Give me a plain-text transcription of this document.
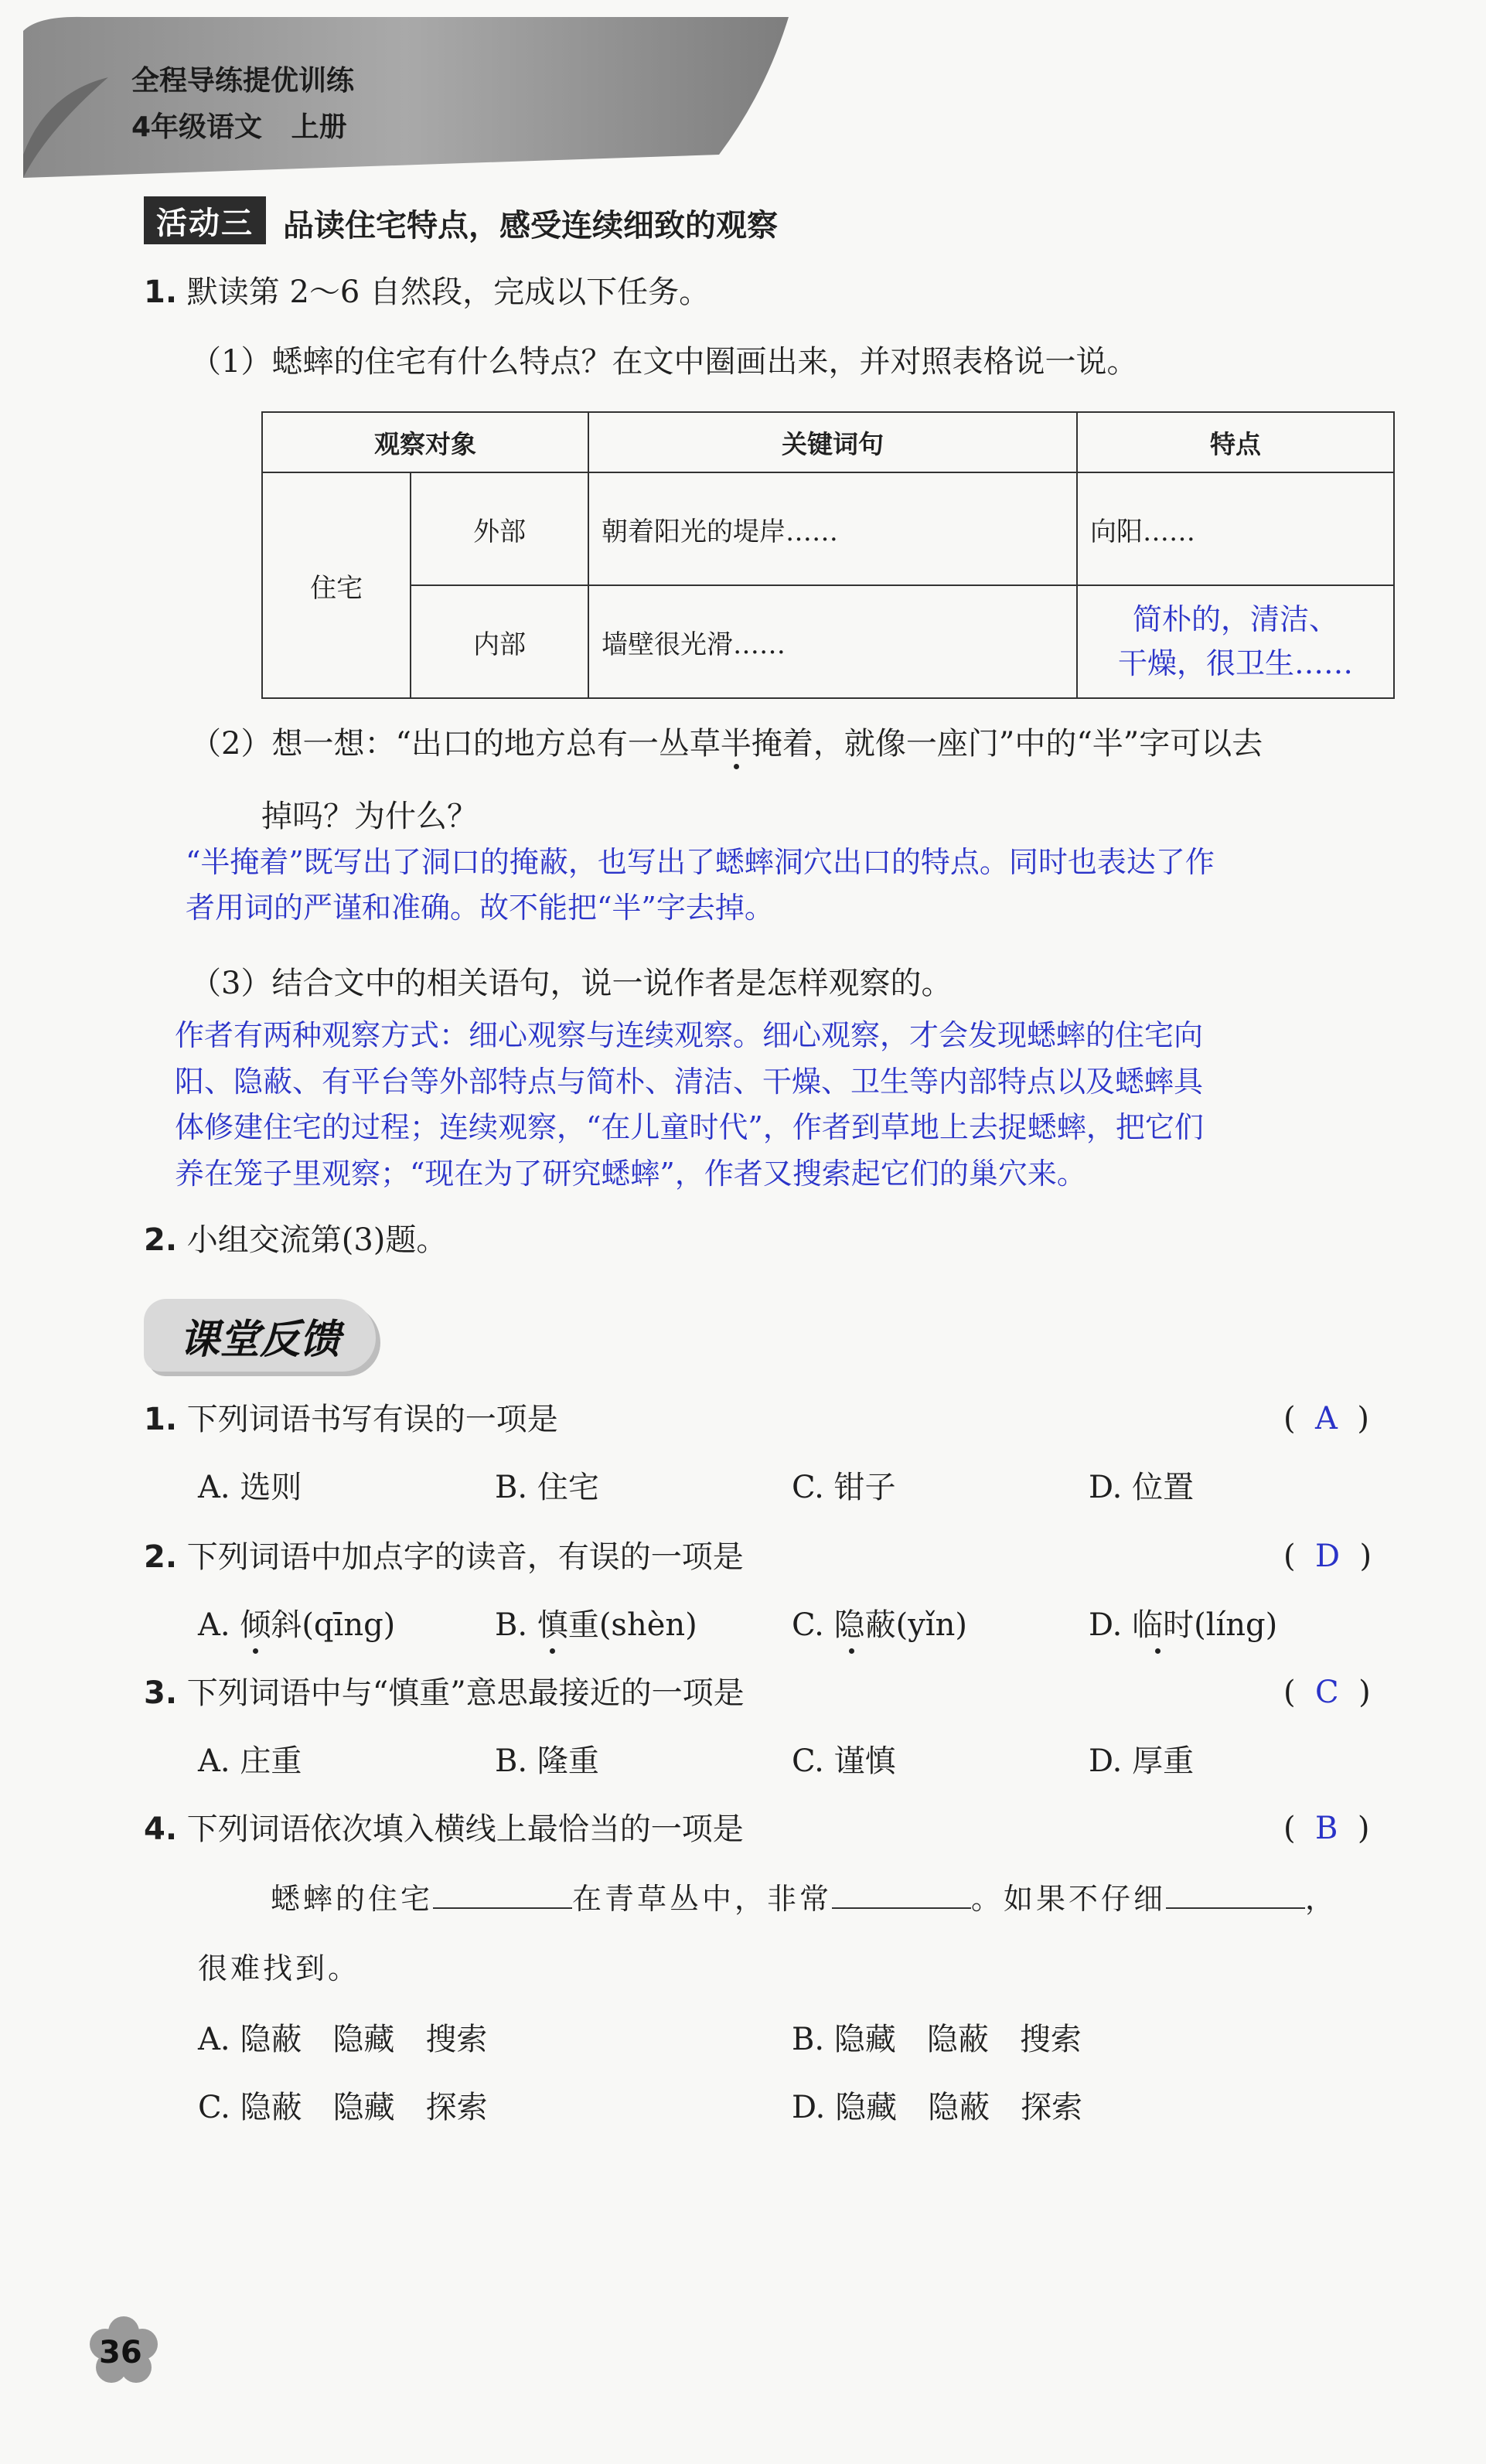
全程导练提优训练
4年级语文 上册
活动三 品读住宅特点，感受连续细致的观察
1. 默读第 2～6 自然段，完成以下任务。
（1）蟋蟀的住宅有什么特点？在文中圈画出来，并对照表格说一说。
观察对象		关键词句	特点
住宅	外部	朝着阳光的堤岸……	向阳……
	内部	墙壁很光滑……	简朴的，清洁、
干燥，很卫生……
（2）想一想：“出口的地方总有一丛草半掩着，就像一座门”中的“半”字可以去
掉吗？为什么？
“半掩着”既写出了洞口的掩蔽，也写出了蟋蟀洞穴出口的特点。同时也表达了作
者用词的严谨和准确。故不能把“半”字去掉。
（3）结合文中的相关语句，说一说作者是怎样观察的。
作者有两种观察方式：细心观察与连续观察。细心观察，才会发现蟋蟀的住宅向
阳、隐蔽、有平台等外部特点与简朴、清洁、干燥、卫生等内部特点以及蟋蟀具
体修建住宅的过程；连续观察，“在儿童时代”，作者到草地上去捉蟋蟀，把它们
养在笼子里观察；“现在为了研究蟋蟀”，作者又搜索起它们的巢穴来。
2. 小组交流第(3)题。
课堂反馈
1. 下列词语书写有误的一项是	(  A  )
A. 选则	B. 住宅	C. 钳子	D. 位置
2. 下列词语中加点字的读音，有误的一项是	(  D  )
A. 倾斜(qīng)	B. 慎重(shèn)	C. 隐蔽(yǐn)	D. 临时(líng)
3. 下列词语中与“慎重”意思最接近的一项是	(  C  )
A. 庄重	B. 隆重	C. 谨慎	D. 厚重
4. 下列词语依次填入横线上最恰当的一项是	(  B  )
蟋蟀的住宅	在青草丛中，非常	。如果不仔细	，
很难找到。
A. 隐蔽　隐藏　搜索	B. 隐藏　隐蔽　搜索
C. 隐蔽　隐藏　探索	D. 隐藏　隐蔽　探索
36
